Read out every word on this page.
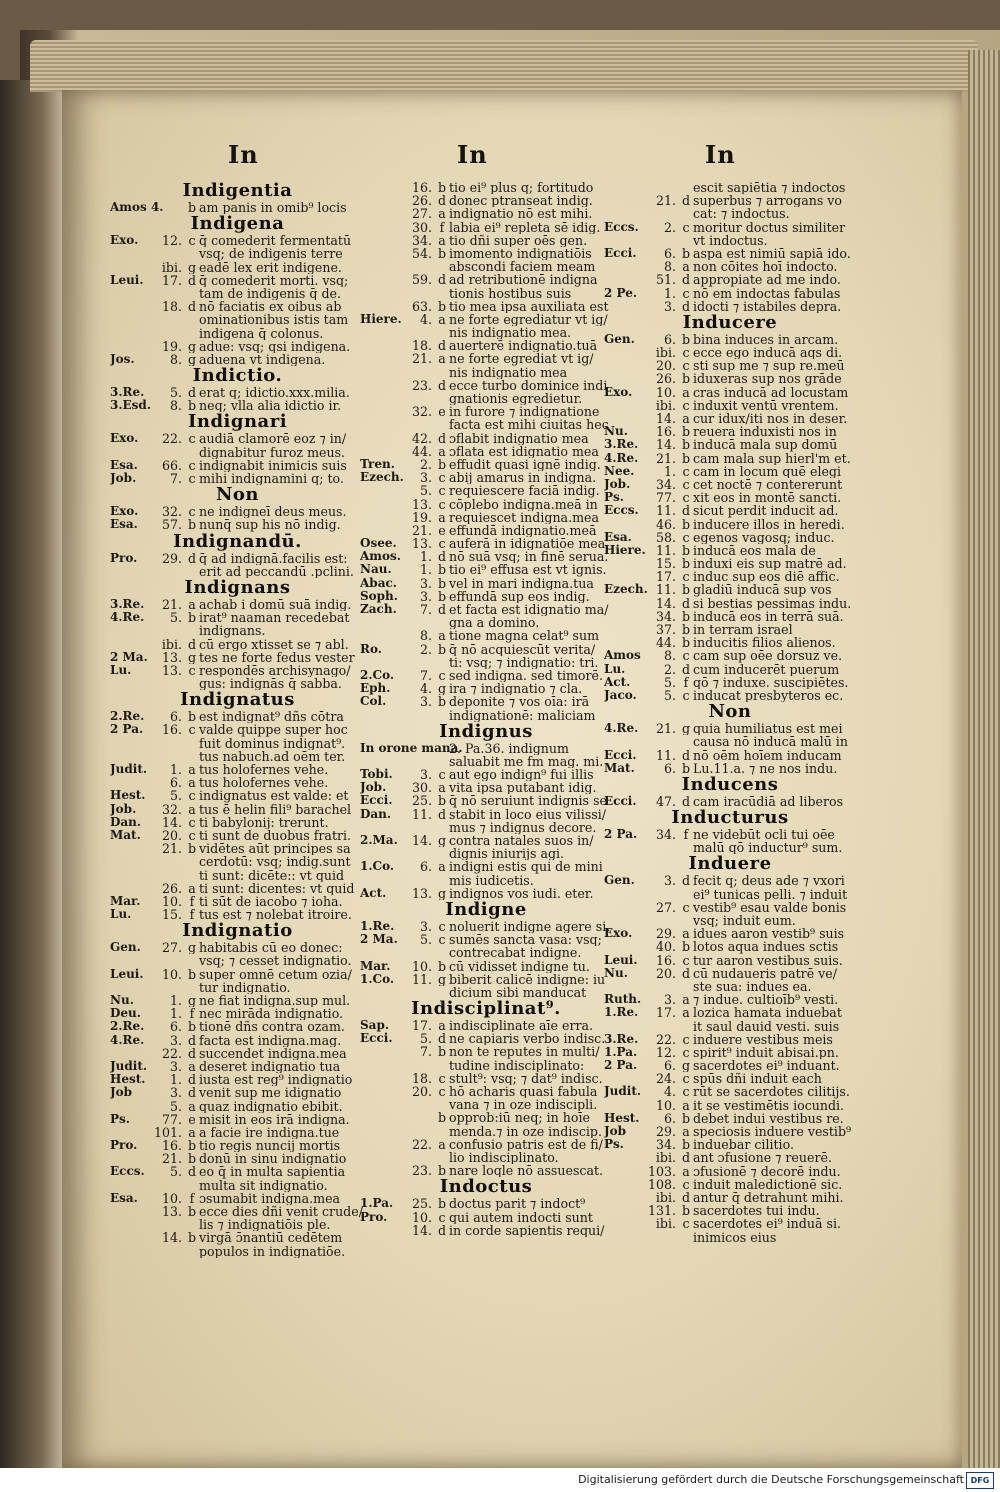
In	In	In
Indigentia
Amos 4. b am panis in omib⁹ locis
Indigena
Exo.	12. c q̄ comederit fermentatū
vsq; de indigenis terre
ibi. g eadē lex erit indigene.
Leui.	17. d q̄ comederit morti. vsq;
tam de indigenis q̄ de.
18. d nō faciatis ex oibus ab
ominationibus istis tam
indigena q̄ colonus.
19. g adue: vsq; qsi indigena.
Jos.	8. g aduena vt indigena.
Indictio.
3.Re.	5. d erat q; idictio.xxx.milia.
3.Esd.	8. b neq; vlla alia idictio ir.
Indignari
Exo.	22. c audiā clamorē eoz ⁊ in/
dignabitur furoz meus.
Esa.	66. c indignabit inimicis suis
Job.	7. c mihi indignamini q; to.
Non
Exo.	32. c ne indigneī deus meus.
Esa.	57. b nunq̄ sup his nō indig.
Indignandū.
Pro.	29. d q̄ ad indignā.facilis est:
erit ad peccandū .pclini.
Indignans
3.Re.	21. a achab i domū suā indig.
4.Re.	5. b irat⁹ naaman recedebat
indignans.
ibi. d cū ergo xtisset se ⁊ abl.
2 Ma.	13. g tes ne forte fedus vester
Lu.	13. c respondēs archisynago/
gus: indignās q̄ sabba.
Indignatus
2.Re.	6. b est indignat⁹ dñs cōtra
2 Pa.	16. c valde quippe super hoc
fuit dominus indignat⁹.
tus nabuch.ad oēm ter.
Judit.	1. a tus holofernes vehe.
6. a tus holofernes vehe.
Hest.	5. c indignatus est valde: et
Job.	32. a tus ē helin fili⁹ barachel
Dan.	14. c ti babylonij: trerunt.
Mat.	20. c ti sunt de duobus fratri.
21. b vidētes aūt principes sa
cerdotū: vsq; indig.sunt
ti sunt: dicēte:: vt quid
26. a ti sunt: dicentes: vt quid
Mar.	10. f ti sūt de iacobo ⁊ ioha.
Lu.	15. f tus est ⁊ nolebat itroire.
Indignatio
Gen.	27. g habitabis cū eo donec:
vsq; ⁊ cesset indignatio.
Leui.	10. b super omnē cetum ozia/
tur indignatio.
Nu.	1. g ne fiat indigna.sup mul.
Deu.	1. f nec mirāda indignatio.
2.Re.	6. b tionē dñs contra ozam.
4.Re.	3. d facta est indigna.mag.
22. d succendet indigna.mea
Judit.	3. a deseret indignatio tua
Hest.	1. d iusta est reg⁹ indignatio
Job	3. d venit sup me idignatio
5. a quaz indignatio ebibit.
Ps.	77. e misit in eos irā indigna.
101. a a facie ire indigna.tue
Pro.	16. b tio regis nuncij mortis
21. b donū in sinu indignatio
Eccs.	5. d eo q̄ in multa sapientia
multa sit indignatio.
Esa.	10. f ɔsumabit indigna.mea
13. b ecce dies dñi venit crude/
lis ⁊ indignatiōis ple.
14. b virgā ɔ̄nantiū cedētem
populos in indignatiōe.
16. b tio ei⁹ plus q; fortitudo
26. d donec ptranseat indig.
27. a indignatio nō est mihi.
30. f labia ei⁹ repleta sē idig.
34. a tio dñi super oēs gen.
54. b imomento indignatiōis
abscondi faciem meam
59. d ad retributionē indigna
tionis hostibus suis
63. b tio mea ipsa auxiliata est
Hiere.	4. a ne forte egrediatur vt ig/
nis indignatio mea.
18. d auerterē indignatio.tuā
21. a ne forte egrediat vt ig/
nis indignatio mea
23. d ecce turbo dominice indi
gnationis egredietur.
32. e in furore ⁊ indignatione
facta est mihi ciuitas hec
42. d ɔflabit indignatio mea
44. a ɔflata est idignatio mea
Tren.	2. b effudit quasi ignē indig.
Ezech.	3. c abij amarus in indigna.
5. c requiescere faciā indig.
13. c cōplebo indigna.meā in
19. a requiescet indigna.mea
21. e effundā indignatio.meā
Osee.	13. c auferā in idignatiōe mea
Amos.	1. d nō suā vsq; in finē serua.
Nau.	1. b tio ei⁹ effusa est vt ignis.
Abac.	3. b vel in mari indigna.tua
Soph.	3. b effundā sup eos indig.
Zach.	7. d et facta est idignatio ma/
gna a domino.
8. a tione magna celat⁹ sum
Ro.	2. b q̄ nō acquiescūt verita/
ti: vsq; ⁊ indignatio: tri.
2.Co.	7. c sed indigna. sed timorē.
Eph.	4. g ira ⁊ indignatio ⁊ cla.
Col.	3. b deponite ⁊ vos oīa: irā
indignationē: maliciam
Indignus
In orone mana.
2. Pa.36. indignum
saluabit me fm mag. mi.
Tobi.	3. c aut ego indign⁹ fui illis
Job.	30. a vita ipsa putabant idig.
Ecci.	25. b q̄ nō seruiunt indignis se
Dan.	11. d stabit in loco eius vilissi/
mus ⁊ indignus decore.
2.Ma.	14. g contra natales suos in/
dignis iniurijs agi.
1.Co.	6. a indigni estis qui de mini
mis iudicetis.
Act.	13. g indignos vos iudi. eter.
Indigne
1.Re.	3. c noluerit indigne agere si.
2 Ma.	5. c sumēs sancta vasa: vsq;
contrecabat indigne.
Mar.	10. b cū vidisset indigne tu.
1.Co.	11. g biberit calicē indigne: iu
dicium sibi manducat
Indisciplinat⁹.
Sap.	17. a indisciplinate aīe erra.
Ecci.	5. d ne capiaris verbo indisc.
7. b non te reputes in multi/
tudine indisciplinato:
18. c stult⁹: vsq; ⁊ dat⁹ indisc.
20. c hō acharis quasi fabula
vana ⁊ in oze indiscipli.
b opprob:iū neq; in hoīe
menda.⁊ in oze indiscip.
22. a confusio patris est de fi/
lio indisciplinato.
23. b nare loqle nō assuescat.
Indoctus
1.Pa.	25. b doctus parit ⁊ indoct⁹
Pro.	10. c qui autem indocti sunt
14. d in corde sapientis requi/
escit sapiētia ⁊ indoctos
21. d superbus ⁊ arrogans vo
cat: ⁊ indoctus.
Eccs.	2. c moritur doctus similiter
vt indoctus.
Ecci.	6. b aspa est nimiū sapiā ido.
8. a non cōites hoī indocto.
51. d appropiate ad me indo.
2 Pe.	1. c nō em indoctas fabulas
3. d idocti ⁊ istabiles depra.
Inducere
Gen.	6. b bina induces in arcam.
ibi. c ecce ego inducā aqs di.
20. c sti sup me ⁊ sup re.meū
26. b iduxeras sup nos grāde
Exo.	10. a cras inducā ad locustam
ibi. c induxit ventū vrentem.
14. a cur idux/iti nos in deser.
Nu.	16. b reuera induxisti nos in
3.Re.	14. b inducā mala sup domū
4.Re.	21. b cam mala sup hierl'm et.
Nee.	1. c cam in locum quē elegi
Job.	34. c cet noctē ⁊ contererunt
Ps.	77. c xit eos in montē sancti.
Eccs.	11. d sicut perdit inducit ad.
46. b inducere illos in heredi.
Esa.	58. c egenos vagosq; induc.
Hiere. 11. b inducā eos mala de
15. b induxi eis sup matrē ad.
17. c induc sup eos diē affic.
Ezech. 11. b gladiū inducā sup vos
14. d si bestias pessimas indu.
34. b inducā eos in terrā suā.
37. b in terram israel
44. b inducitis filios alienos.
Amos	8. c cam sup oēe dorsuz ve.
Lu.	2. d cum inducerēt puerum
Act.	5. f qō ⁊ induxe. suscipiētes.
Jaco.	5. c inducat presbyteros ec.
Non
4.Re.	21. g quia humiliatus est mei
causa nō inducā malū in
Ecci.	11. d nō oēm hoīem inducam
Mat.	6. b Lu.11.a. ⁊ ne nos indu.
Inducens
Ecci.	47. d cam iracūdiā ad liberos
Inducturus
2 Pa.	34. f ne videbūt ocli tui oēe
malū qō inductur⁹ sum.
Induere
Gen.	3. d fecit q; deus ade ⁊ vxori
ei⁹ tunicas pelli. ⁊ induit
27. c vestib⁹ esau valde bonis
vsq; induit eum.
Exo.	29. a idues aaron vestib⁹ suis
40. b lotos aqua indues sctis
Leui.	16. c tur aaron vestibus suis.
Nu.	20. d cū nudaueris patrē ve/
ste sua: indues ea.
Ruth.	3. a ⁊ indue. cultioīb⁹ vesti.
1.Re.	17. a lozica hamata induebat
it saul dauid vesti. suis
3.Re.	22. c induere vestibus meis
1.Pa.	12. c spirit⁹ induit abisai.pn.
2 Pa.	6. g sacerdotes ei⁹ induant.
24. c spūs dñi induit each
Judit.	4. c rūt se sacerdotes cilitijs.
10. a it se vestimētis iocundi.
Hest.	6. b debet indui vestibus re.
Job	29. a speciosis induere vestib⁹
Ps.	34. b induebar cilitio.
ibi. d ant ɔfusione ⁊ reuerē.
103. a ɔfusionē ⁊ decorē indu.
108. c induit maledictionē sic.
ibi. d antur q̄ detrahunt mihi.
131. b sacerdotes tui indu.
ibi. c sacerdotes ei⁹ induā si.
inimicos eius
Digitalisierung gefördert durch die Deutsche Forschungsgemeinschaft DFG
